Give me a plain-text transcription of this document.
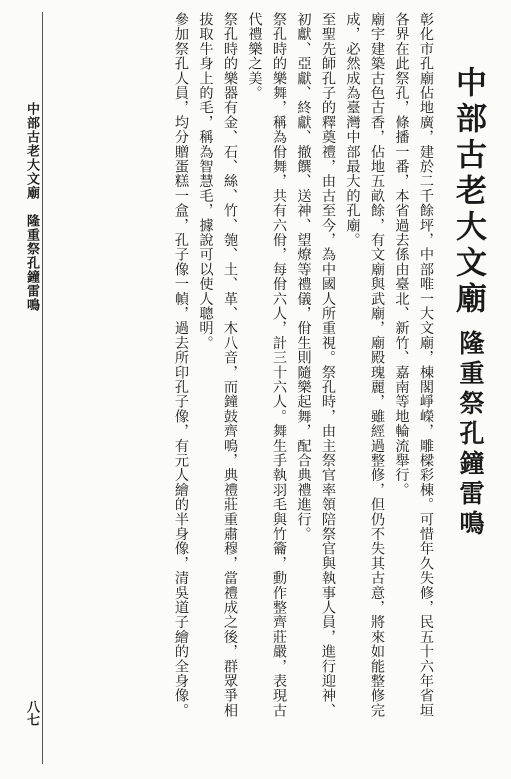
中部古老大文廟
隆重祭孔鐘雷鳴

彰化市孔廟佔地廣，建於二千餘坪，中部唯一大文廟，棟閣崢嶸，雕樑彩棟。可惜年久失修，民五十六年省垣各界在此祭孔，條播一番，本省過去係由臺北、新竹、嘉南等地輪流舉行。

廟宇建築古色古香，佔地五畝餘，有文廟與武廟，廟殿瑰麗，雖經過整修，但仍不失其古意，將來如能整修完成，必然成為臺灣中部最大的孔廟。

至聖先師孔子的釋奠禮，由古至今，為中國人所重視。祭孔時，由主祭官率領陪祭官與執事人員，進行迎神、初獻、亞獻、終獻、撤饌、送神、望燎等禮儀，佾生則隨樂起舞，配合典禮進行。

祭孔時的樂舞，稱為佾舞，共有六佾，每佾六人，計三十六人。舞生手執羽毛與竹籥，動作整齊莊嚴，表現古代禮樂之美。

祭孔時的樂器有金、石、絲、竹、匏、土、革、木八音，而鐘鼓齊鳴，典禮莊重肅穆，當禮成之後，群眾爭相拔取牛身上的毛，稱為智慧毛，據說可以使人聰明。

參加祭孔人員，均分贈蛋糕一盒，孔子像一幀，過去所印孔子像，有元人繪的半身像，清吳道子繪的全身像。

中部古老大文廟　隆重祭孔鐘雷鳴
八七
